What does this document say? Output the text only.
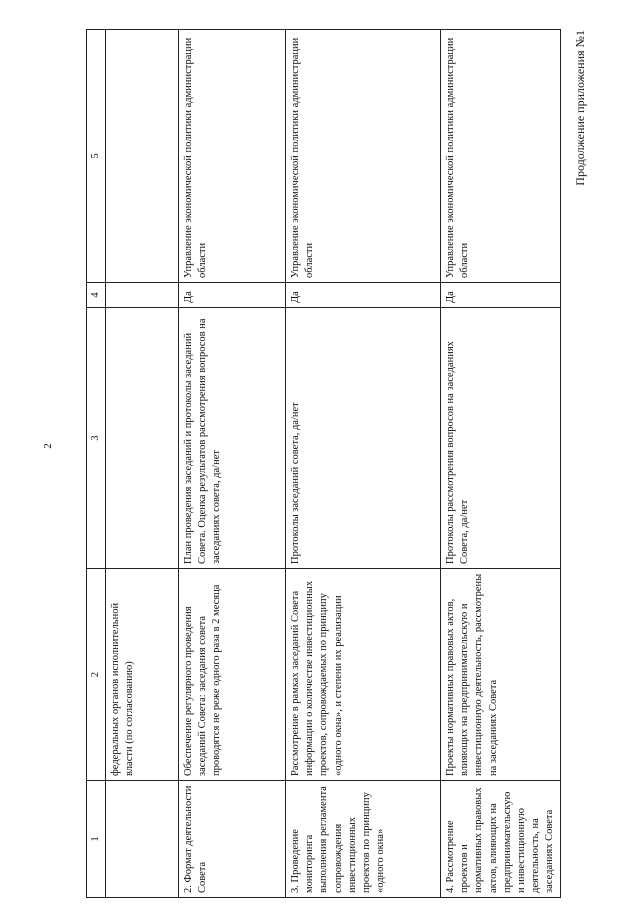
2
Продолжение приложения №1
1	2	3	4	5
	федеральных органов исполнительной власти (по согласованию)			
2. Формат деятельности Совета	Обеспечение регулярного проведения заседаний Совета: заседания совета проводятся не реже одного раза в 2 месяца	План проведения заседаний и протоколы заседаний Совета. Оценка результатов рассмотрения вопросов на заседаниях совета, да/нет	Да	Управление экономической политики администрации области
3. Проведение мониторинга выполнения регламента сопровождения инвестиционных проектов по принципу «одного окна»	Рассмотрение в рамках заседаний Совета информации о количестве инвестиционных проектов, сопровождаемых по принципу «одного окна», и степени их реализации	Протоколы заседаний совета, да/нет	Да	Управление экономической политики администрации области
4. Рассмотрение проектов и нормативных правовых актов, влияющих на предпринимательскую и инвестиционную деятельность, на заседаниях Совета	Проекты нормативных правовых актов, влияющих на предпринимательскую и инвестиционную деятельность, рассмотрены на заседаниях Совета	Протоколы рассмотрения вопросов на заседаниях Совета, да/нет	Да	Управление экономической политики администрации области
